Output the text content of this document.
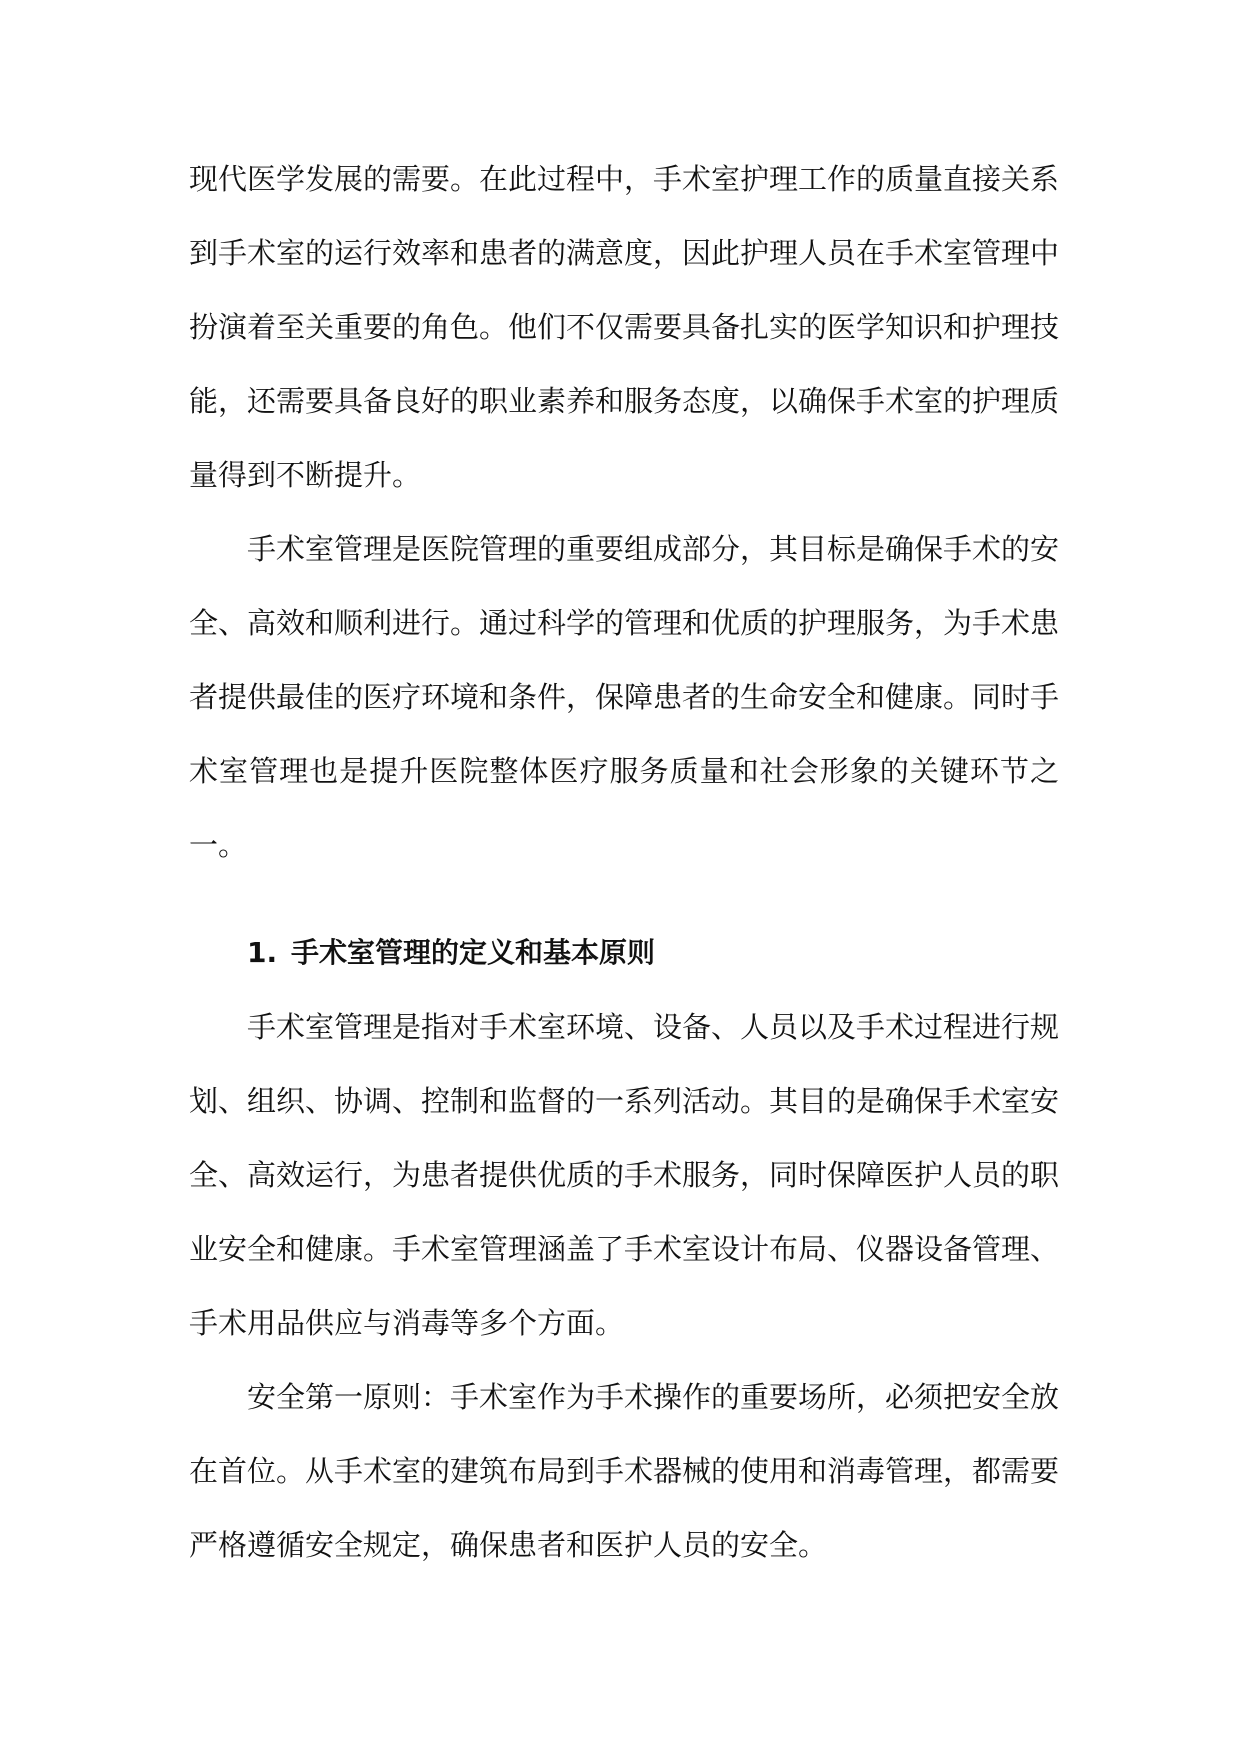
现代医学发展的需要。在此过程中，手术室护理工作的质量直接关系
到手术室的运行效率和患者的满意度，因此护理人员在手术室管理中
扮演着至关重要的角色。他们不仅需要具备扎实的医学知识和护理技
能，还需要具备良好的职业素养和服务态度，以确保手术室的护理质
量得到不断提升。
手术室管理是医院管理的重要组成部分，其目标是确保手术的安
全、高效和顺利进行。通过科学的管理和优质的护理服务，为手术患
者提供最佳的医疗环境和条件，保障患者的生命安全和健康。同时手
术室管理也是提升医院整体医疗服务质量和社会形象的关键环节之
一。
1. 手术室管理的定义和基本原则
手术室管理是指对手术室环境、设备、人员以及手术过程进行规
划、组织、协调、控制和监督的一系列活动。其目的是确保手术室安
全、高效运行，为患者提供优质的手术服务，同时保障医护人员的职
业安全和健康。手术室管理涵盖了手术室设计布局、仪器设备管理、
手术用品供应与消毒等多个方面。
安全第一原则：手术室作为手术操作的重要场所，必须把安全放
在首位。从手术室的建筑布局到手术器械的使用和消毒管理，都需要
严格遵循安全规定，确保患者和医护人员的安全。
